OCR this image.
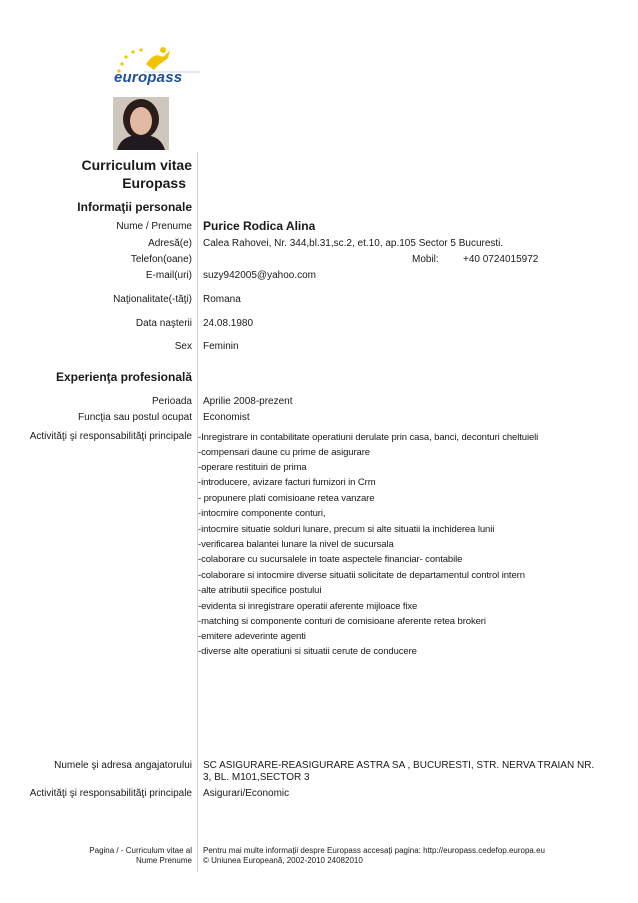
europass
Curriculum vitae
Europass
Informaţii personale
Nume / Prenume Purice Rodica Alina
Adresă(e) Calea Rahovei, Nr. 344,bl.31,sc.2, et.10, ap.105 Sector 5 Bucuresti.
Telefon(oane)	Mobil: +40 0724015972
E-mail(uri) suzy942005@yahoo.com
Naţionalitate(-tăţi) Romana
Data naşterii 24.08.1980
Sex Feminin
Experienţa profesională
Perioada Aprilie 2008-prezent
Funcţia sau postul ocupat Economist
Activităţi şi responsabilităţi principale -Inregistrare in contabilitate operatiuni derulate prin casa, banci, deconturi cheltuieli
-compensari daune cu prime de asigurare
-operare restituiri de prima
-introducere, avizare facturi furnizori in Crm
- propunere plati comisioane retea vanzare
-intocmire componente conturi,
-intocmire situatie solduri lunare, precum si alte situatii la inchiderea lunii
-verificarea balantei lunare la nivel de sucursala
-colaborare cu sucursalele in toate aspectele financiar- contabile
-colaborare si intocmire diverse situatii solicitate de departamentul control intern
-alte atributii specifice postului
-evidenta si inregistrare operatii aferente mijloace fixe
-matching si componente conturi de comisioane aferente retea brokeri
-emitere adeverinte agenti
-diverse alte operatiuni si situatii cerute de conducere
Numele şi adresa angajatorului SC ASIGURARE-REASIGURARE ASTRA SA , BUCURESTI, STR. NERVA TRAIAN NR. 3, BL. M101,SECTOR 3
Activităţi şi responsabilităţi principale Asigurari/Economic
Pagina / - Curriculum vitae al
Nume Prenume
Pentru mai multe informaţii despre Europass accesaţi pagina: http://europass.cedefop.europa.eu
© Uniunea Europeană, 2002-2010 24082010
